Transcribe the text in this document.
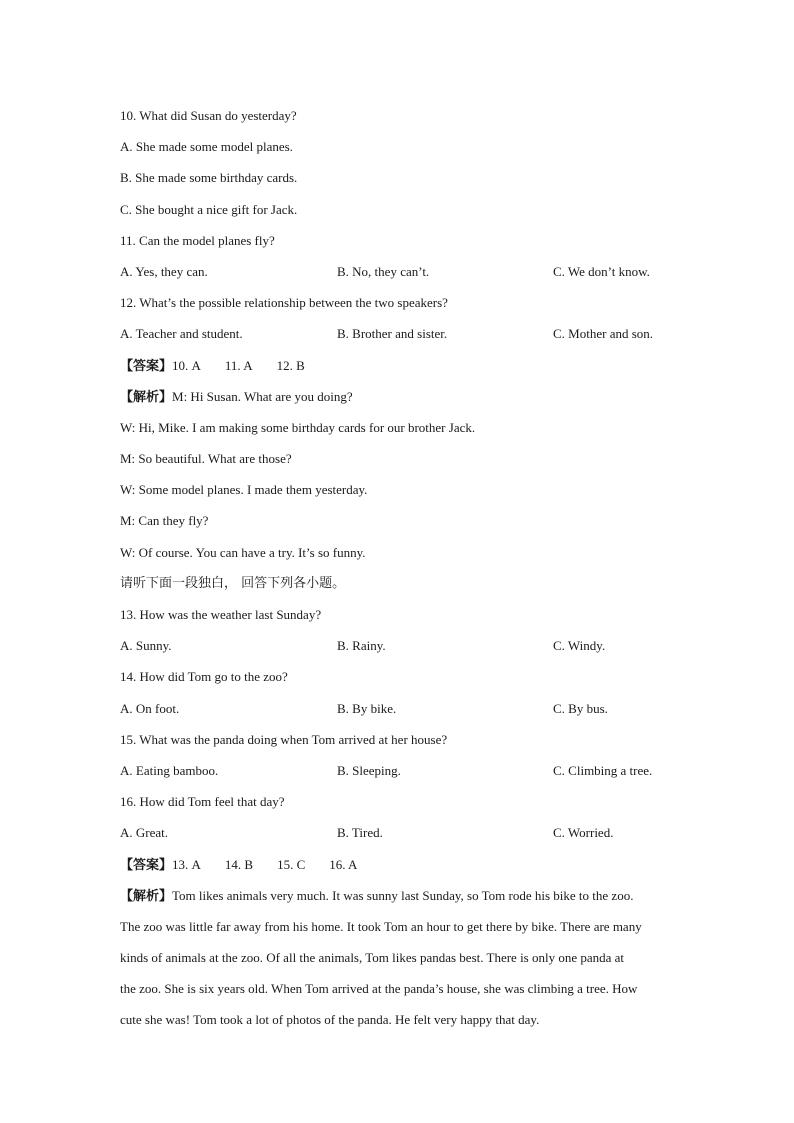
10. What did Susan do yesterday?
A. She made some model planes.
B. She made some birthday cards.
C. She bought a nice gift for Jack.
11. Can the model planes fly?
A. Yes, they can.	B. No, they can’t.	C. We don’t know.
12. What’s the possible relationship between the two speakers?
A. Teacher and student.	B. Brother and sister.	C. Mother and son.
【答案】10. A 11. A 12. B
【解析】M: Hi Susan. What are you doing?
W: Hi, Mike. I am making some birthday cards for our brother Jack.
M: So beautiful. What are those?
W: Some model planes. I made them yesterday.
M: Can they fly?
W: Of course. You can have a try. It’s so funny.
请听下面一段独白， 回答下列各小题。
13. How was the weather last Sunday?
A. Sunny.	B. Rainy.	C. Windy.
14. How did Tom go to the zoo?
A. On foot.	B. By bike.	C. By bus.
15. What was the panda doing when Tom arrived at her house?
A. Eating bamboo.	B. Sleeping.	C. Climbing a tree.
16. How did Tom feel that day?
A. Great.	B. Tired.	C. Worried.
【答案】13. A 14. B 15. C 16. A
【解析】Tom likes animals very much. It was sunny last Sunday, so Tom rode his bike to the zoo.
The zoo was little far away from his home. It took Tom an hour to get there by bike. There are many
kinds of animals at the zoo. Of all the animals, Tom likes pandas best. There is only one panda at
the zoo. She is six years old. When Tom arrived at the panda’s house, she was climbing a tree. How
cute she was! Tom took a lot of photos of the panda. He felt very happy that day.
